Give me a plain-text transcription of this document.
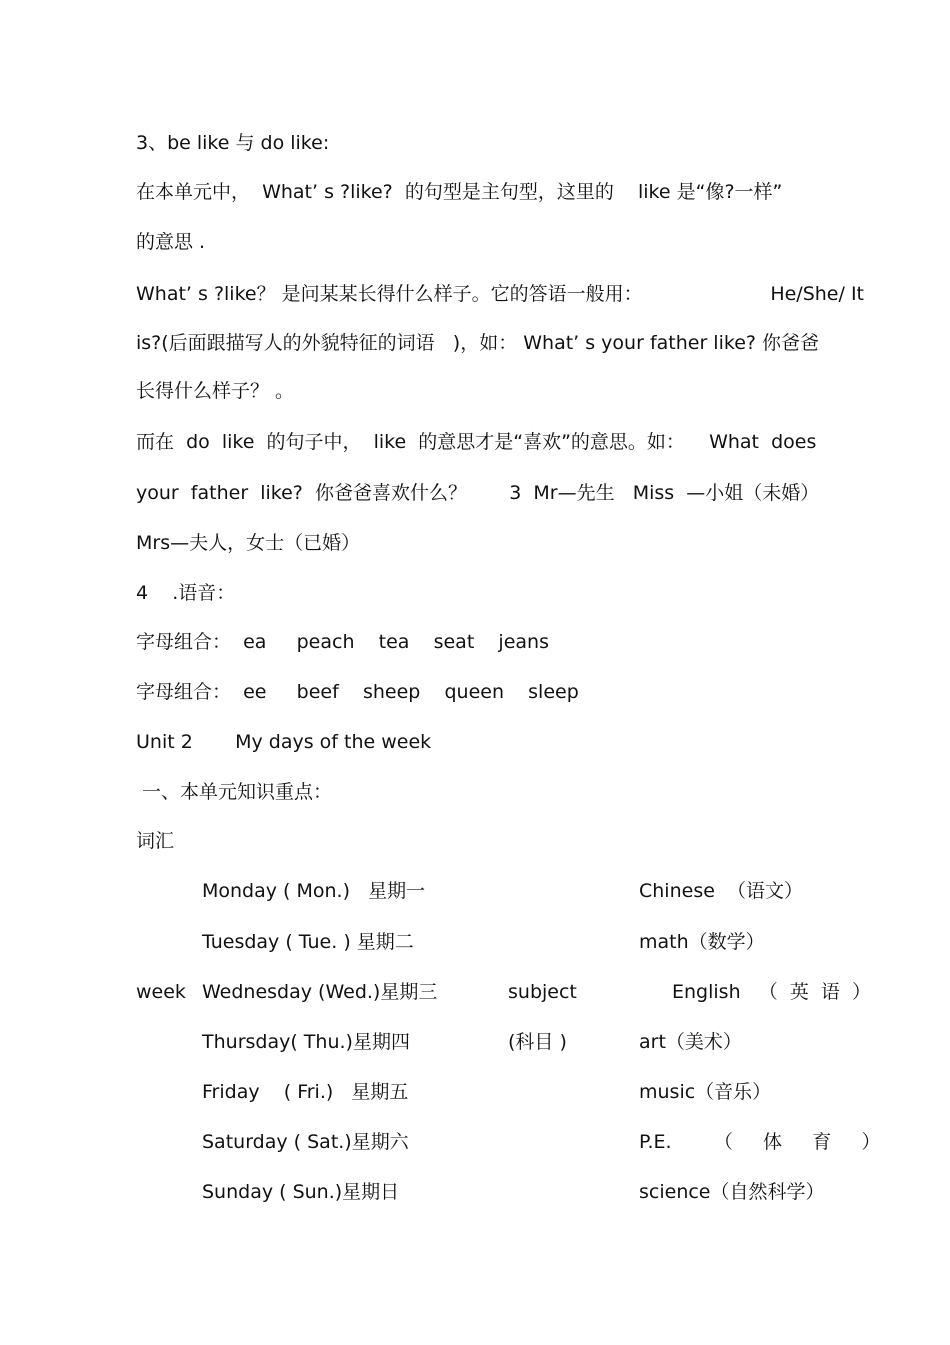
3、be like 与 do like:
在本单元中，  What’ s ?like?  的句型是主句型，这里的    like 是“像?一样”
的意思 .
What’ s ?like？ 是问某某长得什么样子。它的答语一般用：	He/She/ It
is?(后面跟描写人的外貌特征的词语   )，如： What’ s your father like? 你爸爸
长得什么样子？ 。
而在  do  like  的句子中，  like  的意思才是“喜欢”的意思。如：    What  does
your  father  like?  你爸爸喜欢什么？       3  Mr—先生   Miss  —小姐（未婚）
Mrs—夫人，女士（已婚）
4    .语音：
字母组合：  ea     peach    tea    seat    jeans
字母组合：  ee     beef    sheep    queen    sleep
Unit 2       My days of the week
一、本单元知识重点：
词汇
week	subject
(科目 )
Monday ( Mon.)   星期一
Tuesday ( Tue. ) 星期二
Wednesday (Wed.)星期三
Thursday( Thu.)星期四
Friday    ( Fri.)   星期五
Saturday ( Sat.)星期六
Sunday ( Sun.)星期日
Chinese  （语文）
math（数学）
English   （  英  语  ）
art（美术）
music（音乐）
P.E.       （     体     育     ）
science（自然科学）
